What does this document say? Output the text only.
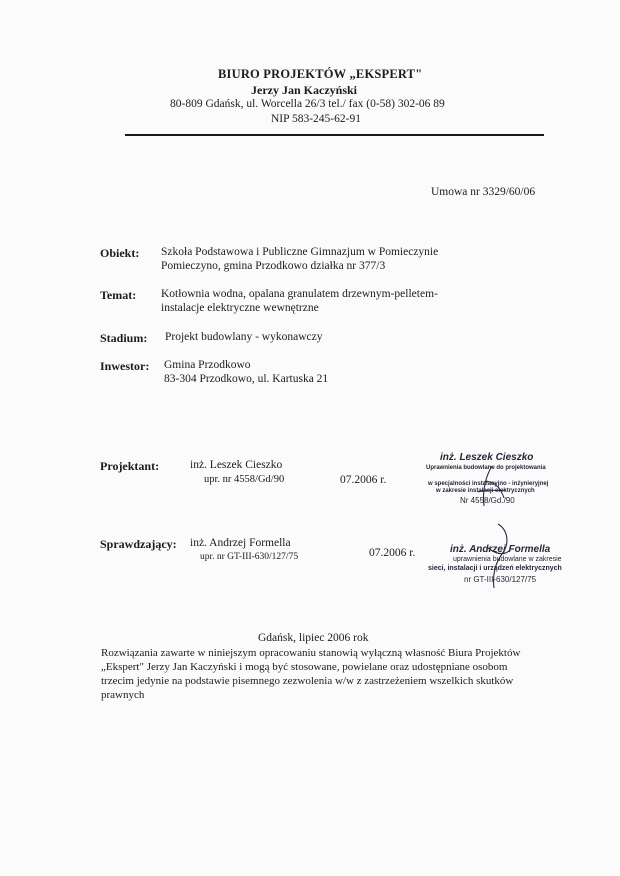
BIURO PROJEKTÓW „EKSPERT"
Jerzy Jan Kaczyński
80-809 Gdańsk, ul. Worcella 26/3 tel./ fax (0-58) 302-06 89
NIP 583-245-62-91
Umowa nr 3329/60/06
Obiekt: Szkoła Podstawowa i Publiczne Gimnazjum w Pomieczynie
Pomieczyno, gmina Przodkowo działka nr 377/3
Temat: Kotłownia wodna, opalana granulatem drzewnym-pelletem-
instalacje elektryczne wewnętrzne
Stadium: Projekt budowlany - wykonawczy
Inwestor: Gmina Przodkowo
83-304 Przodkowo, ul. Kartuska 21
Projektant:	inż. Leszek Cieszko
upr. nr 4558/Gd/90	07.2006 r.
inż. Leszek Cieszko
Uprawnienia budowlane do projektowania
w specjalności instalacyjno - inżynieryjnej
w zakresie instalacji elektrycznych
Nr 4558/Gd./90
Sprawdzający: inż. Andrzej Formella
upr. nr GT-III-630/127/75	07.2006 r.	inż. Andrzej Formella
uprawnienia budowlane w zakresie
sieci, instalacji i urządzeń elektrycznych
nr GT-III-630/127/75
Gdańsk, lipiec 2006 rok
Rozwiązania zawarte w niniejszym opracowaniu stanowią wyłączną własność Biura Projektów
„Ekspert" Jerzy Jan Kaczyński i mogą być stosowane, powielane oraz udostępniane osobom
trzecim jedynie na podstawie pisemnego zezwolenia w/w z zastrzeżeniem wszelkich skutków
prawnych
